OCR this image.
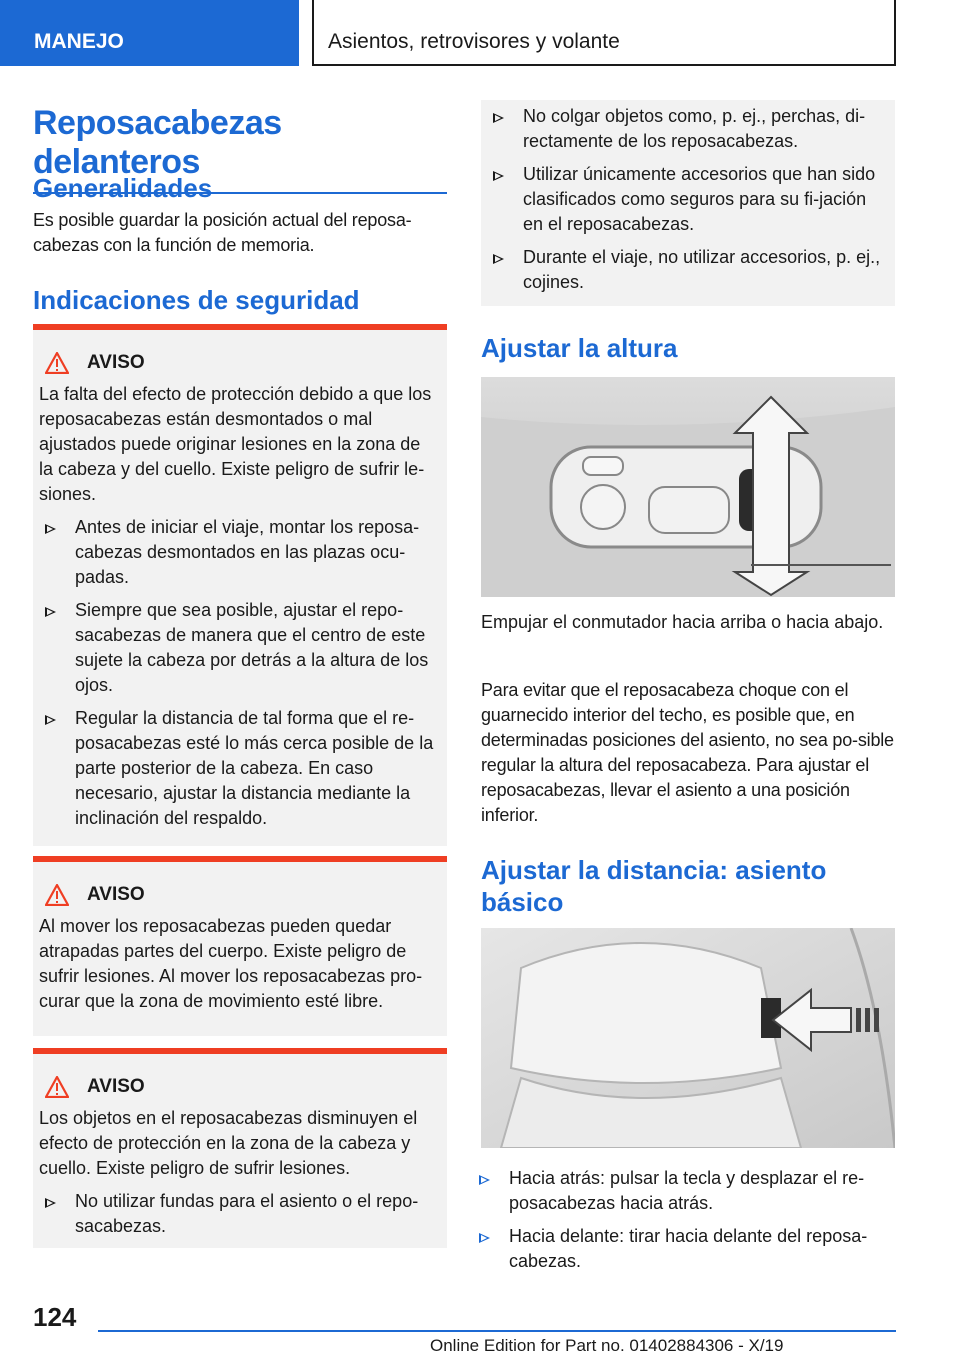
MANEJO	Asientos, retrovisores y volante
Reposacabezas delanteros
Generalidades
Es posible guardar la posición actual del reposa-cabezas con la función de memoria.
Indicaciones de seguridad
AVISO
La falta del efecto de protección debido a que los reposacabezas están desmontados o mal ajustados puede originar lesiones en la zona de la cabeza y del cuello. Existe peligro de sufrir le-siones.
Antes de iniciar el viaje, montar los reposa-cabezas desmontados en las plazas ocu-padas.
Siempre que sea posible, ajustar el repo-sacabezas de manera que el centro de este sujete la cabeza por detrás a la altura de los ojos.
Regular la distancia de tal forma que el re-posacabezas esté lo más cerca posible de la parte posterior de la cabeza. En caso necesario, ajustar la distancia mediante la inclinación del respaldo.
AVISO
Al mover los reposacabezas pueden quedar atrapadas partes del cuerpo. Existe peligro de sufrir lesiones. Al mover los reposacabezas pro-curar que la zona de movimiento esté libre.
AVISO
Los objetos en el reposacabezas disminuyen el efecto de protección en la zona de la cabeza y cuello. Existe peligro de sufrir lesiones.
No utilizar fundas para el asiento o el repo-sacabezas.
No colgar objetos como, p. ej., perchas, di-rectamente de los reposacabezas.
Utilizar únicamente accesorios que han sido clasificados como seguros para su fi-jación en el reposacabezas.
Durante el viaje, no utilizar accesorios, p. ej., cojines.
Ajustar la altura
Empujar el conmutador hacia arriba o hacia abajo.
Para evitar que el reposacabeza choque con el guarnecido interior del techo, es posible que, en determinadas posiciones del asiento, no sea po-sible regular la altura del reposacabeza. Para ajustar el reposacabezas, llevar el asiento a una posición inferior.
Ajustar la distancia: asiento básico
Hacia atrás: pulsar la tecla y desplazar el re-posacabezas hacia atrás.
Hacia delante: tirar hacia delante del reposa-cabezas.
124
Online Edition for Part no. 01402884306 - X/19
